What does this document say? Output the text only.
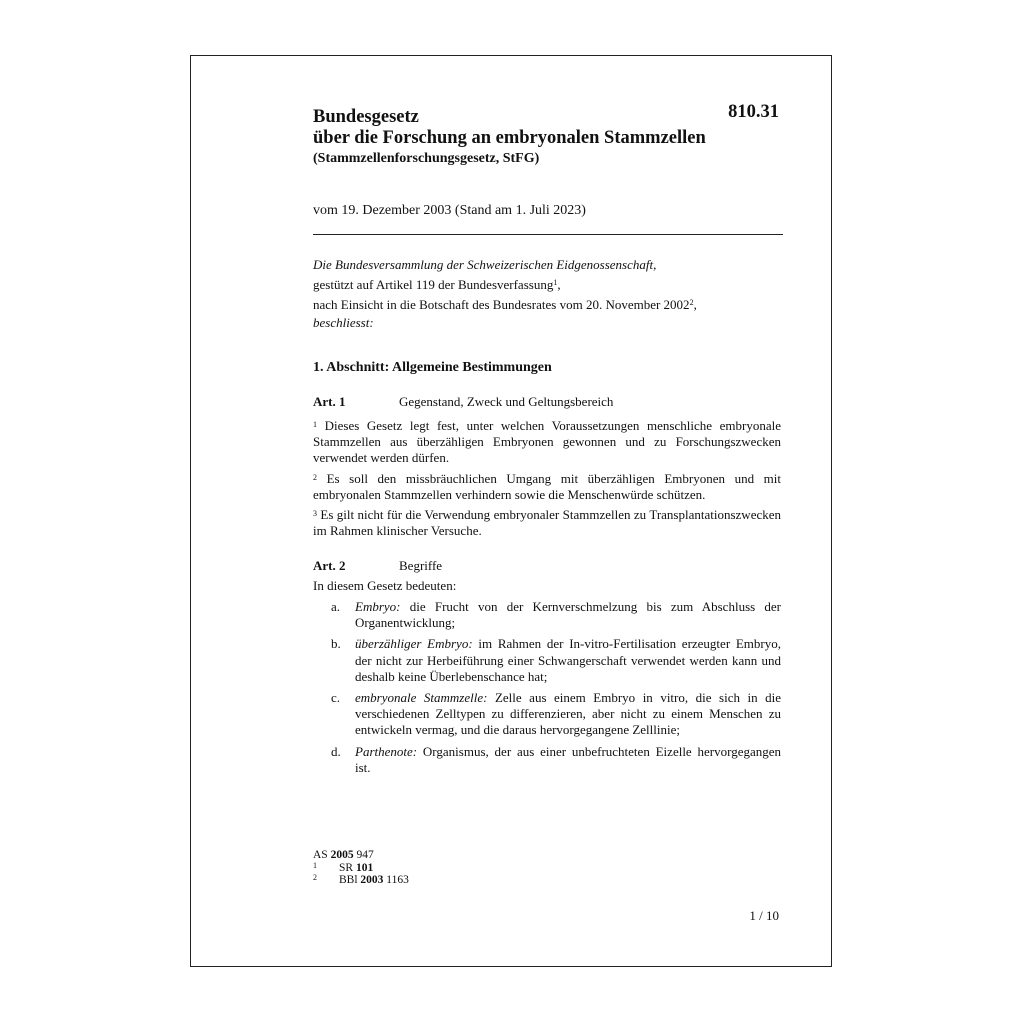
810.31
Bundesgesetz
über die Forschung an embryonalen Stammzellen
(Stammzellenforschungsgesetz, StFG)
vom 19. Dezember 2003 (Stand am 1. Juli 2023)
Die Bundesversammlung der Schweizerischen Eidgenossenschaft,
gestützt auf Artikel 119 der Bundesverfassung$^1$,
nach Einsicht in die Botschaft des Bundesrates vom 20. November 2002$^2$,
beschliesst:
1. Abschnitt: Allgemeine Bestimmungen
Art. 1	Gegenstand, Zweck und Geltungsbereich
$^1$ Dieses Gesetz legt fest, unter welchen Voraussetzungen menschliche embryonale Stammzellen aus überzähligen Embryonen gewonnen und zu Forschungszwecken verwendet werden dürfen.
$^2$ Es soll den missbräuchlichen Umgang mit überzähligen Embryonen und mit embryonalen Stammzellen verhindern sowie die Menschenwürde schützen.
$^3$ Es gilt nicht für die Verwendung embryonaler Stammzellen zu Transplantationszwecken im Rahmen klinischer Versuche.
Art. 2	Begriffe
In diesem Gesetz bedeuten:
a. Embryo: die Frucht von der Kernverschmelzung bis zum Abschluss der Organentwicklung;
b. überzähliger Embryo: im Rahmen der In-vitro-Fertilisation erzeugter Embryo, der nicht zur Herbeiführung einer Schwangerschaft verwendet werden kann und deshalb keine Überlebenschance hat;
c. embryonale Stammzelle: Zelle aus einem Embryo in vitro, die sich in die verschiedenen Zelltypen zu differenzieren, aber nicht zu einem Menschen zu entwickeln vermag, und die daraus hervorgegangene Zelllinie;
d. Parthenote: Organismus, der aus einer unbefruchteten Eizelle hervorgegangen ist.
AS 2005 947
1 SR 101
2 BBl 2003 1163
1 / 10
